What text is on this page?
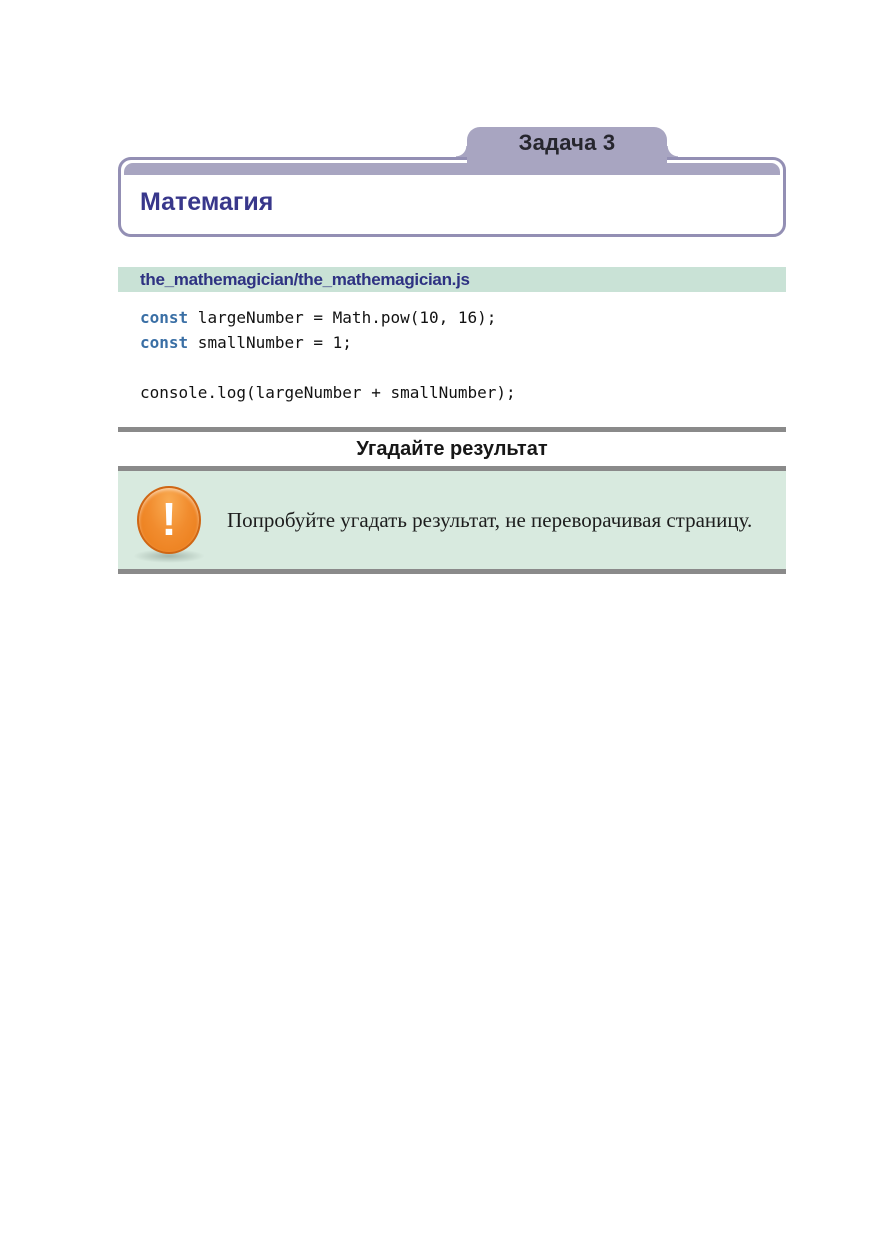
Задача 3
Матемагия
the_mathemagician/the_mathemagician.js
const largeNumber = Math.pow(10, 16);
const smallNumber = 1;

console.log(largeNumber + smallNumber);
Угадайте результат
!	Попробуйте угадать результат, не переворачивая страницу.
